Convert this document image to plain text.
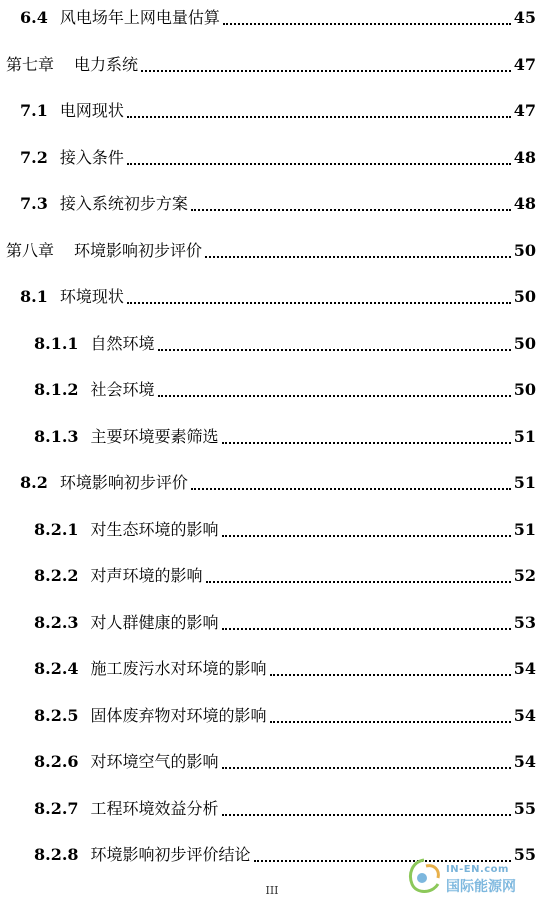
6.4 风电场年上网电量估算	45
第七章 电力系统	47
7.1 电网现状	47
7.2 接入条件	48
7.3 接入系统初步方案	48
第八章 环境影响初步评价	50
8.1 环境现状	50
8.1.1 自然环境	50
8.1.2 社会环境	50
8.1.3 主要环境要素筛选	51
8.2 环境影响初步评价	51
8.2.1 对生态环境的影响	51
8.2.2 对声环境的影响	52
8.2.3 对人群健康的影响	53
8.2.4 施工废污水对环境的影响	54
8.2.5 固体废弃物对环境的影响	54
8.2.6 对环境空气的影响	54
8.2.7 工程环境效益分析	55
8.2.8 环境影响初步评价结论	55
III
IN-EN.com
国际能源网
